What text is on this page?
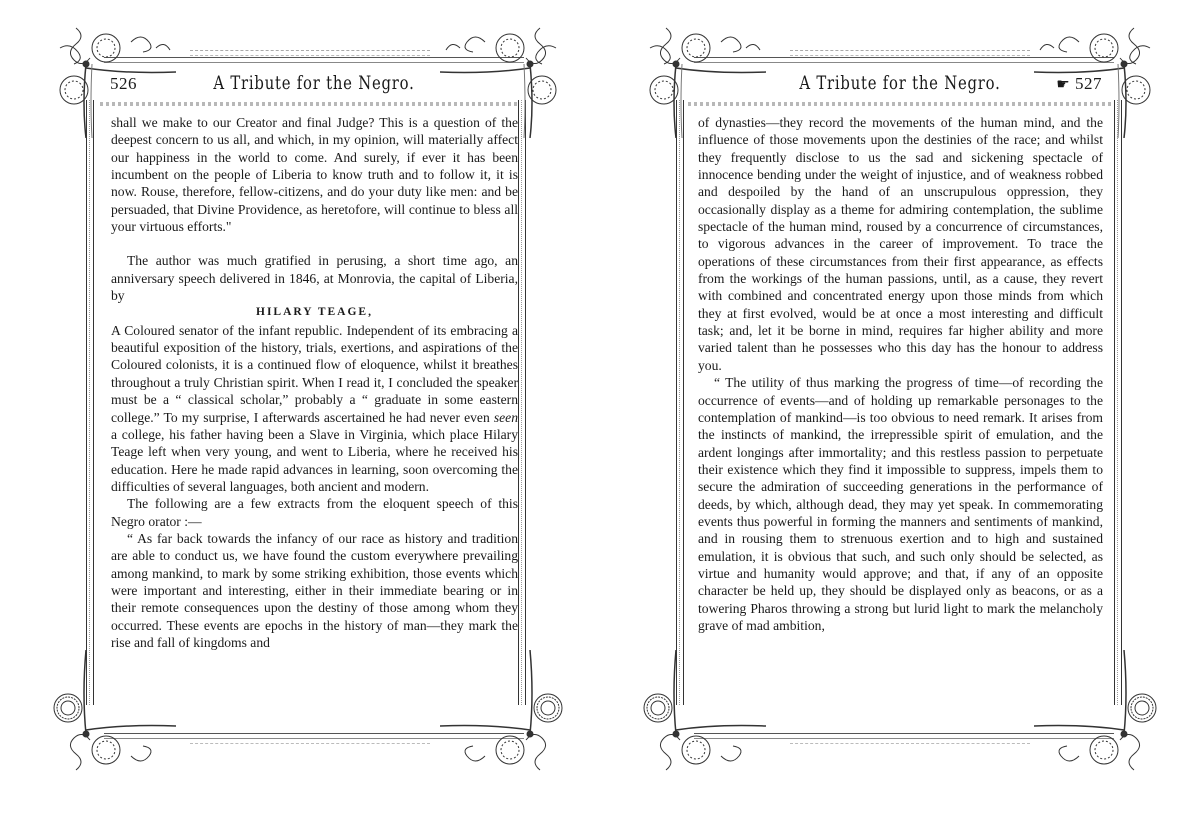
526	A Tribute for the Negro.

shall we make to our Creator and final Judge? This is a question of the deepest concern to us all, and which, in my opinion, will materially affect our happiness in the world to come. And surely, if ever it has been incumbent on the people of Liberia to know truth and to follow it, it is now. Rouse, therefore, fellow-citizens, and do your duty like men: and be persuaded, that Divine Providence, as heretofore, will continue to bless all your virtuous efforts."

The author was much gratified in perusing, a short time ago, an anniversary speech delivered in 1846, at Monrovia, the capital of Liberia, by

HILARY TEAGE,

A Coloured senator of the infant republic. Independent of its embracing a beautiful exposition of the history, trials, exertions, and aspirations of the Coloured colonists, it is a continued flow of eloquence, whilst it breathes throughout a truly Christian spirit. When I read it, I concluded the speaker must be a “ classical scholar,” probably a “ graduate in some eastern college.” To my surprise, I afterwards ascertained he had never even seen a college, his father having been a Slave in Virginia, which place Hilary Teage left when very young, and went to Liberia, where he received his education. Here he made rapid advances in learning, soon overcoming the difficulties of several languages, both ancient and modern.

The following are a few extracts from the eloquent speech of this Negro orator :—

“ As far back towards the infancy of our race as history and tradition are able to conduct us, we have found the custom everywhere prevailing among mankind, to mark by some striking exhibition, those events which were important and interesting, either in their immediate bearing or in their remote consequences upon the destiny of those among whom they occurred. These events are epochs in the history of man—they mark the rise and fall of kingdoms and

A Tribute for the Negro.	☛ 527

of dynasties—they record the movements of the human mind, and the influence of those movements upon the destinies of the race; and whilst they frequently disclose to us the sad and sickening spectacle of innocence bending under the weight of injustice, and of weakness robbed and despoiled by the hand of an unscrupulous oppression, they occasionally display as a theme for admiring contemplation, the sublime spectacle of the human mind, roused by a concurrence of circumstances, to vigorous advances in the career of improvement. To trace the operations of these circumstances from their first appearance, as effects from the workings of the human passions, until, as a cause, they revert with combined and concentrated energy upon those minds from which they at first evolved, would be at once a most interesting and difficult task; and, let it be borne in mind, requires far higher ability and more varied talent than he possesses who this day has the honour to address you.

“ The utility of thus marking the progress of time—of recording the occurrence of events—and of holding up remarkable personages to the contemplation of mankind—is too obvious to need remark. It arises from the instincts of mankind, the irrepressible spirit of emulation, and the ardent longings after immortality; and this restless passion to perpetuate their existence which they find it impossible to suppress, impels them to secure the admiration of succeeding generations in the performance of deeds, by which, although dead, they may yet speak. In commemorating events thus powerful in forming the manners and sentiments of mankind, and in rousing them to strenuous exertion and to high and sustained emulation, it is obvious that such, and such only should be selected, as virtue and humanity would approve; and that, if any of an opposite character be held up, they should be displayed only as beacons, or as a towering Pharos throwing a strong but lurid light to mark the melancholy grave of mad ambition,
